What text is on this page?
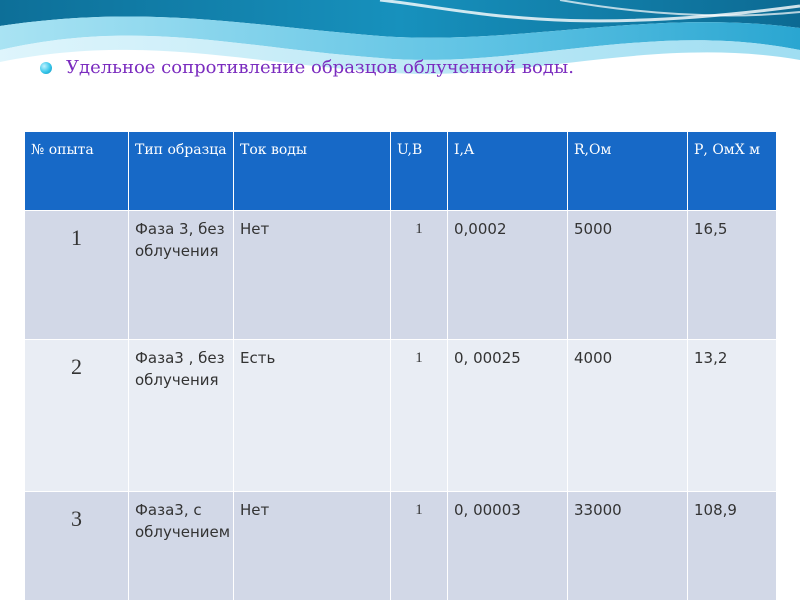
Удельное сопротивление образцов облученной воды.
№ опыта	Тип образца	Ток воды	U,B	I,A	R,Ом	Р, ОмХ м
1	Фаза 3, без облучения	Нет	1	0,0002	5000	16,5
2	Фаза3 , без облучения	Есть	1	0, 00025	4000	13,2
3	Фаза3, с облучением	Нет	1	0, 00003	33000	108,9
